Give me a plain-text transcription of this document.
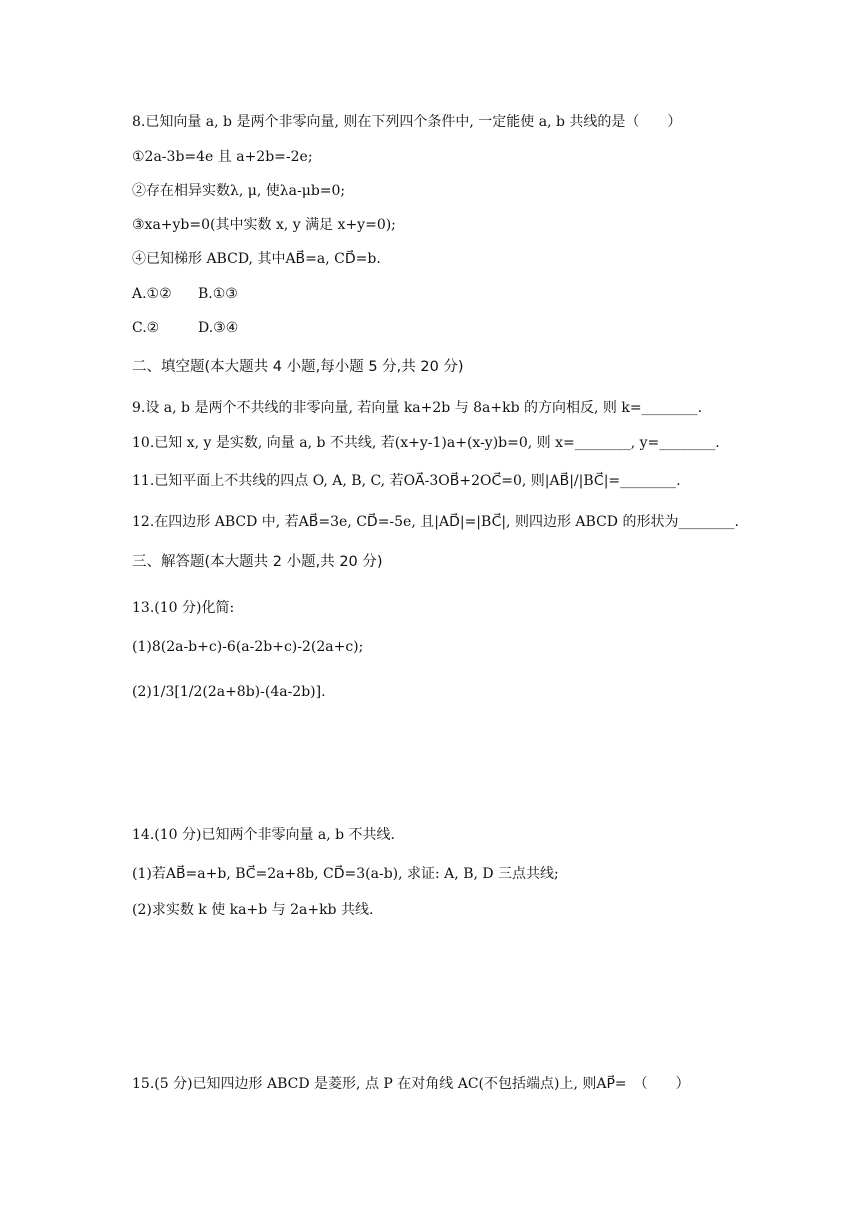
8.已知向量 a, b 是两个非零向量, 则在下列四个条件中, 一定能使 a, b 共线的是（　　）
①2a-3b=4e 且 a+2b=-2e;
②存在相异实数λ, μ, 使λa-μb=0;
③xa+yb=0(其中实数 x, y 满足 x+y=0);
④已知梯形 ABCD, 其中AB⃗=a, CD⃗=b.
A.①② B.①③
C.②	D.③④
二、填空题(本大题共 4 小题,每小题 5 分,共 20 分)
9.设 a, b 是两个不共线的非零向量, 若向量 ka+2b 与 8a+kb 的方向相反, 则 k=________.
10.已知 x, y 是实数, 向量 a, b 不共线, 若(x+y-1)a+(x-y)b=0, 则 x=________, y=________.
11.已知平面上不共线的四点 O, A, B, C, 若OA⃗-3OB⃗+2OC⃗=0, 则|AB⃗|/|BC⃗|=________.
12.在四边形 ABCD 中, 若AB⃗=3e, CD⃗=-5e, 且|AD⃗|=|BC⃗|, 则四边形 ABCD 的形状为________.
三、解答题(本大题共 2 小题,共 20 分)
13.(10 分)化简:
(1)8(2a-b+c)-6(a-2b+c)-2(2a+c);
(2)1/3[1/2(2a+8b)-(4a-2b)].
14.(10 分)已知两个非零向量 a, b 不共线.
(1)若AB⃗=a+b, BC⃗=2a+8b, CD⃗=3(a-b), 求证: A, B, D 三点共线;
(2)求实数 k 使 ka+b 与 2a+kb 共线.
15.(5 分)已知四边形 ABCD 是菱形, 点 P 在对角线 AC(不包括端点)上, 则AP⃗=　（　　）
